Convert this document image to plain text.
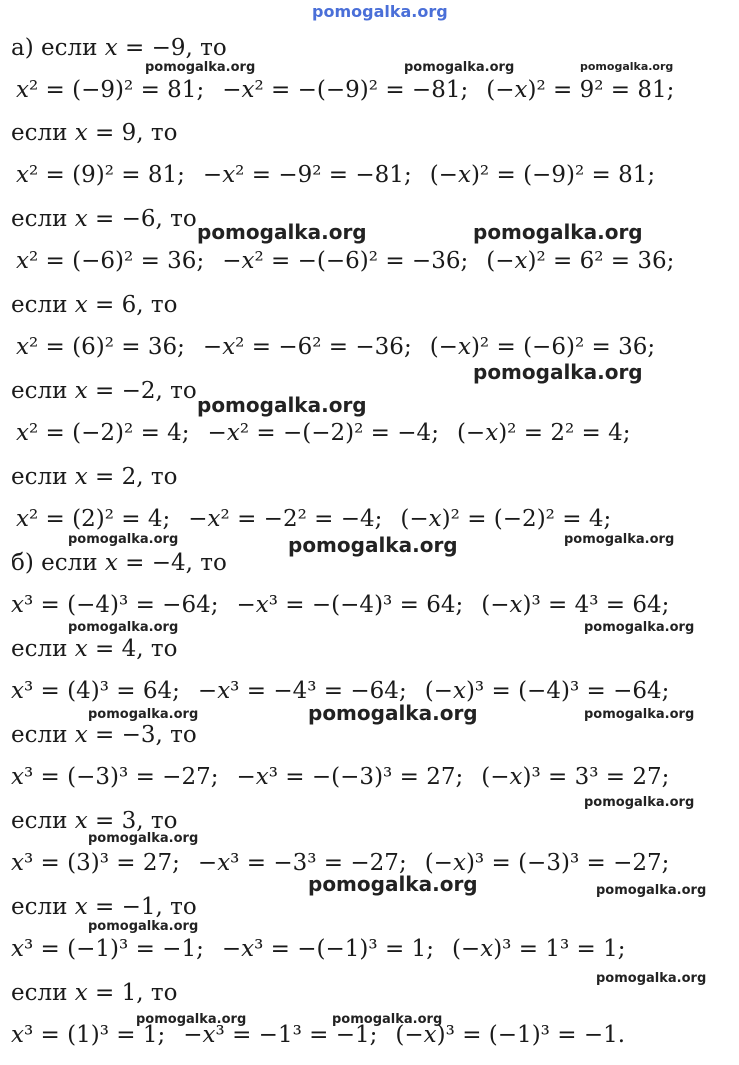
pomogalka.org
а) если x = −9, то
x² = (−9)² = 81; −x² = −(−9)² = −81; (−x)² = 9² = 81;
если x = 9, то
x² = (9)² = 81; −x² = −9² = −81; (−x)² = (−9)² = 81;
если x = −6, то
x² = (−6)² = 36; −x² = −(−6)² = −36; (−x)² = 6² = 36;
если x = 6, то
x² = (6)² = 36; −x² = −6² = −36; (−x)² = (−6)² = 36;
если x = −2, то
x² = (−2)² = 4; −x² = −(−2)² = −4; (−x)² = 2² = 4;
если x = 2, то
x² = (2)² = 4; −x² = −2² = −4; (−x)² = (−2)² = 4;
б) если x = −4, то
x³ = (−4)³ = −64; −x³ = −(−4)³ = 64; (−x)³ = 4³ = 64;
если x = 4, то
x³ = (4)³ = 64; −x³ = −4³ = −64; (−x)³ = (−4)³ = −64;
если x = −3, то
x³ = (−3)³ = −27; −x³ = −(−3)³ = 27; (−x)³ = 3³ = 27;
если x = 3, то
x³ = (3)³ = 27; −x³ = −3³ = −27; (−x)³ = (−3)³ = −27;
если x = −1, то
x³ = (−1)³ = −1; −x³ = −(−1)³ = 1; (−x)³ = 1³ = 1;
если x = 1, то
x³ = (1)³ = 1; −x³ = −1³ = −1; (−x)³ = (−1)³ = −1.
pomogalka.org	pomogalka.org	pomogalka.org
pomogalka.org	pomogalka.org
pomogalka.org
pomogalka.org
pomogalka.org	pomogalka.org	pomogalka.org
pomogalka.org	pomogalka.org
pomogalka.org	pomogalka.org	pomogalka.org
pomogalka.org
pomogalka.org
pomogalka.org	pomogalka.org
pomogalka.org
pomogalka.org
pomogalka.org	pomogalka.org
